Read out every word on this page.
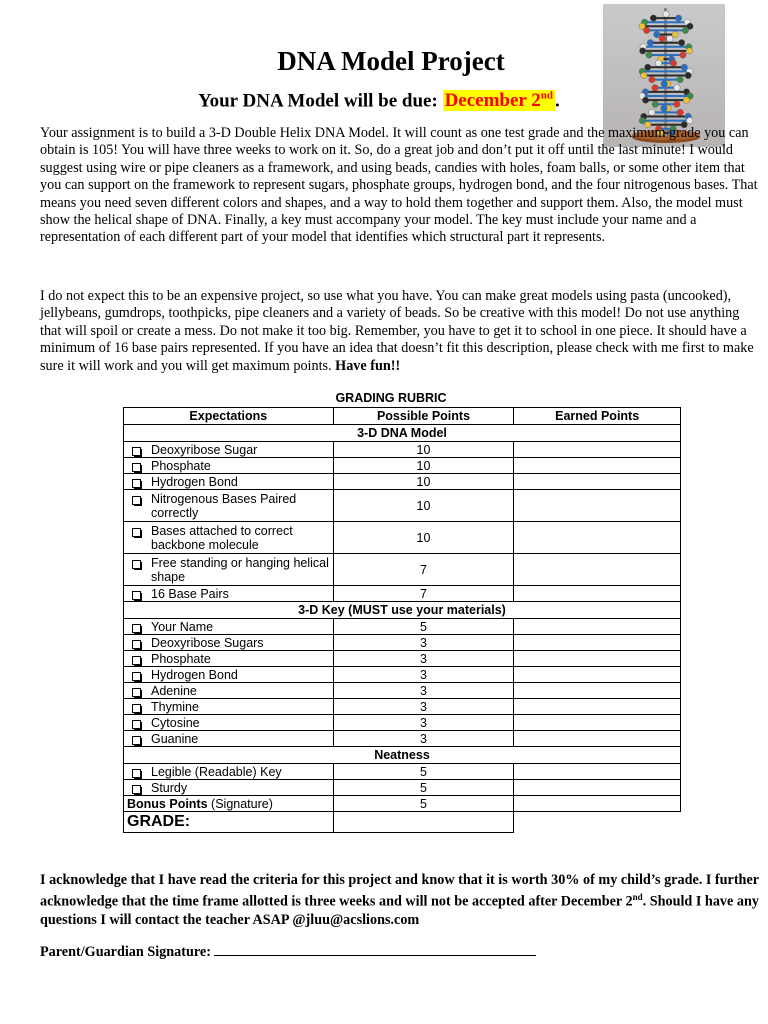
DNA Model Project
Your DNA Model will be due: December 2nd .

Your assignment is to build a 3-D Double Helix DNA Model. It will count as one test grade and the maximum grade you can obtain is 105! You will have three weeks to work on it. So, do a great job and don’t put it off until the last minute! I would suggest using wire or pipe cleaners as a framework, and using beads, candies with holes, foam balls, or some other item that you can support on the framework to represent sugars, phosphate groups, hydrogen bond, and the four nitrogenous bases. That means you need seven different colors and shapes, and a way to hold them together and support them. Also, the model must show the helical shape of DNA. Finally, a key must accompany your model. The key must include your name and a representation of each different part of your model that identifies which structural part it represents.

I do not expect this to be an expensive project, so use what you have. You can make great models using pasta (uncooked), jellybeans, gumdrops, toothpicks, pipe cleaners and a variety of beads. So be creative with this model! Do not use anything that will spoil or create a mess. Do not make it too big. Remember, you have to get it to school in one piece. It should have a minimum of 16 base pairs represented. If you have an idea that doesn’t fit this description, please check with me first to make sure it will work and you will get maximum points. Have fun!!

GRADING RUBRIC
Expectations	Possible Points	Earned Points
3-D DNA Model		

Deoxyribose Sugar	10	

Phosphate	10	

Hydrogen Bond	10	

Nitrogenous Bases Paired correctly	10	

Bases attached to correct backbone molecule	10	

Free standing or hanging helical shape	7	

16 Base Pairs	7	
3-D Key (MUST use your materials)		

Your Name	5	

Deoxyribose Sugars	3	

Phosphate	3	

Hydrogen Bond	3	

Adenine	3	

Thymine	3	

Cytosine	3	

Guanine	3	
Neatness		

Legible (Readable) Key	5	

Sturdy	5	
Bonus Points (Signature)	5	
GRADE:		

I acknowledge that I have read the criteria for this project and know that it is worth 30% of my child’s grade. I further acknowledge that the time frame allotted is three weeks and will not be accepted after December 2nd. Should I have any questions I will contact the teacher ASAP @jluu@acslions.com

Parent/Guardian Signature:
